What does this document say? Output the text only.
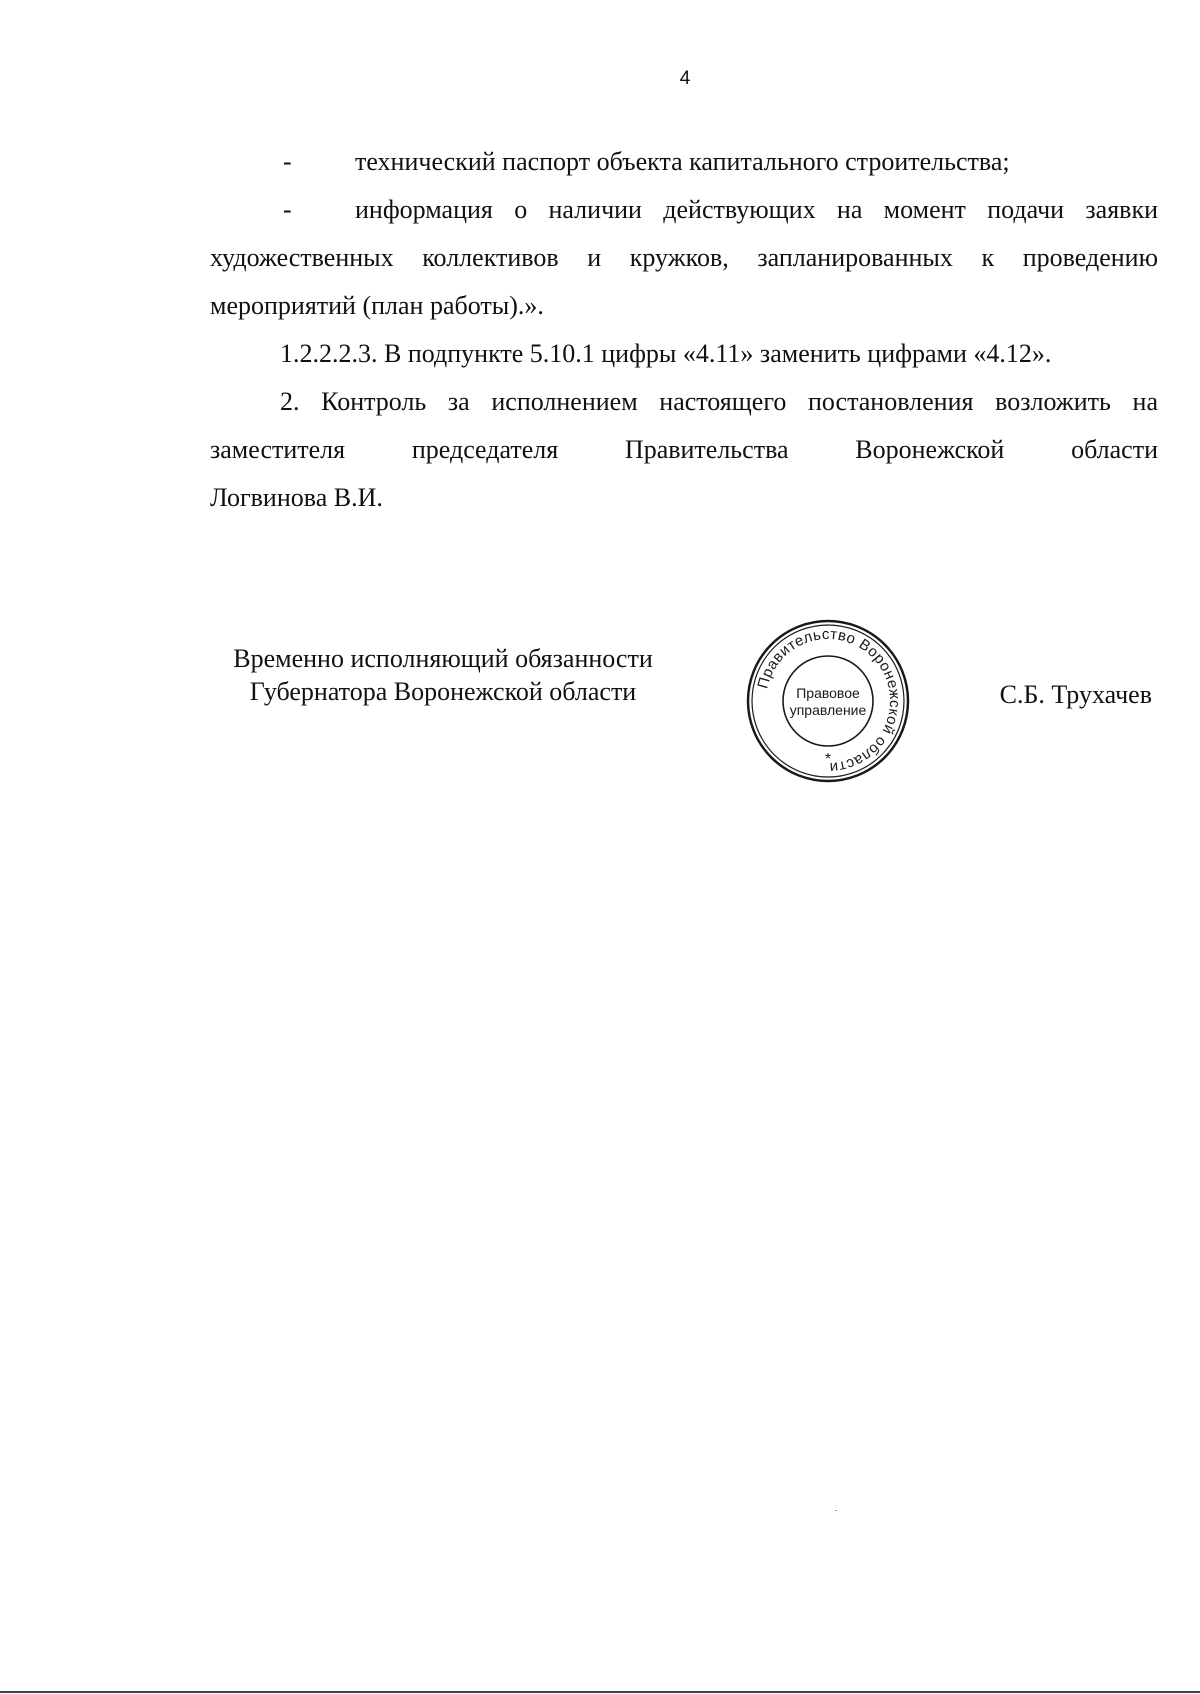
4

- технический паспорт объекта капитального строительства;

- информация о наличии действующих на момент подачи заявки

художественных коллективов и кружков, запланированных к проведению мероприятий (план работы).».

1.2.2.2.3. В подпункте 5.10.1 цифры «4.11» заменить цифрами «4.12».

2. Контроль за исполнением настоящего постановления возложить на заместителя председателя Правительства Воронежской области

Логвинова В.И.

Временно исполняющий обязанности
Губернатора Воронежской области	Правительство Воронежской области
Правовое
управление
*
С.Б. Трухачев
